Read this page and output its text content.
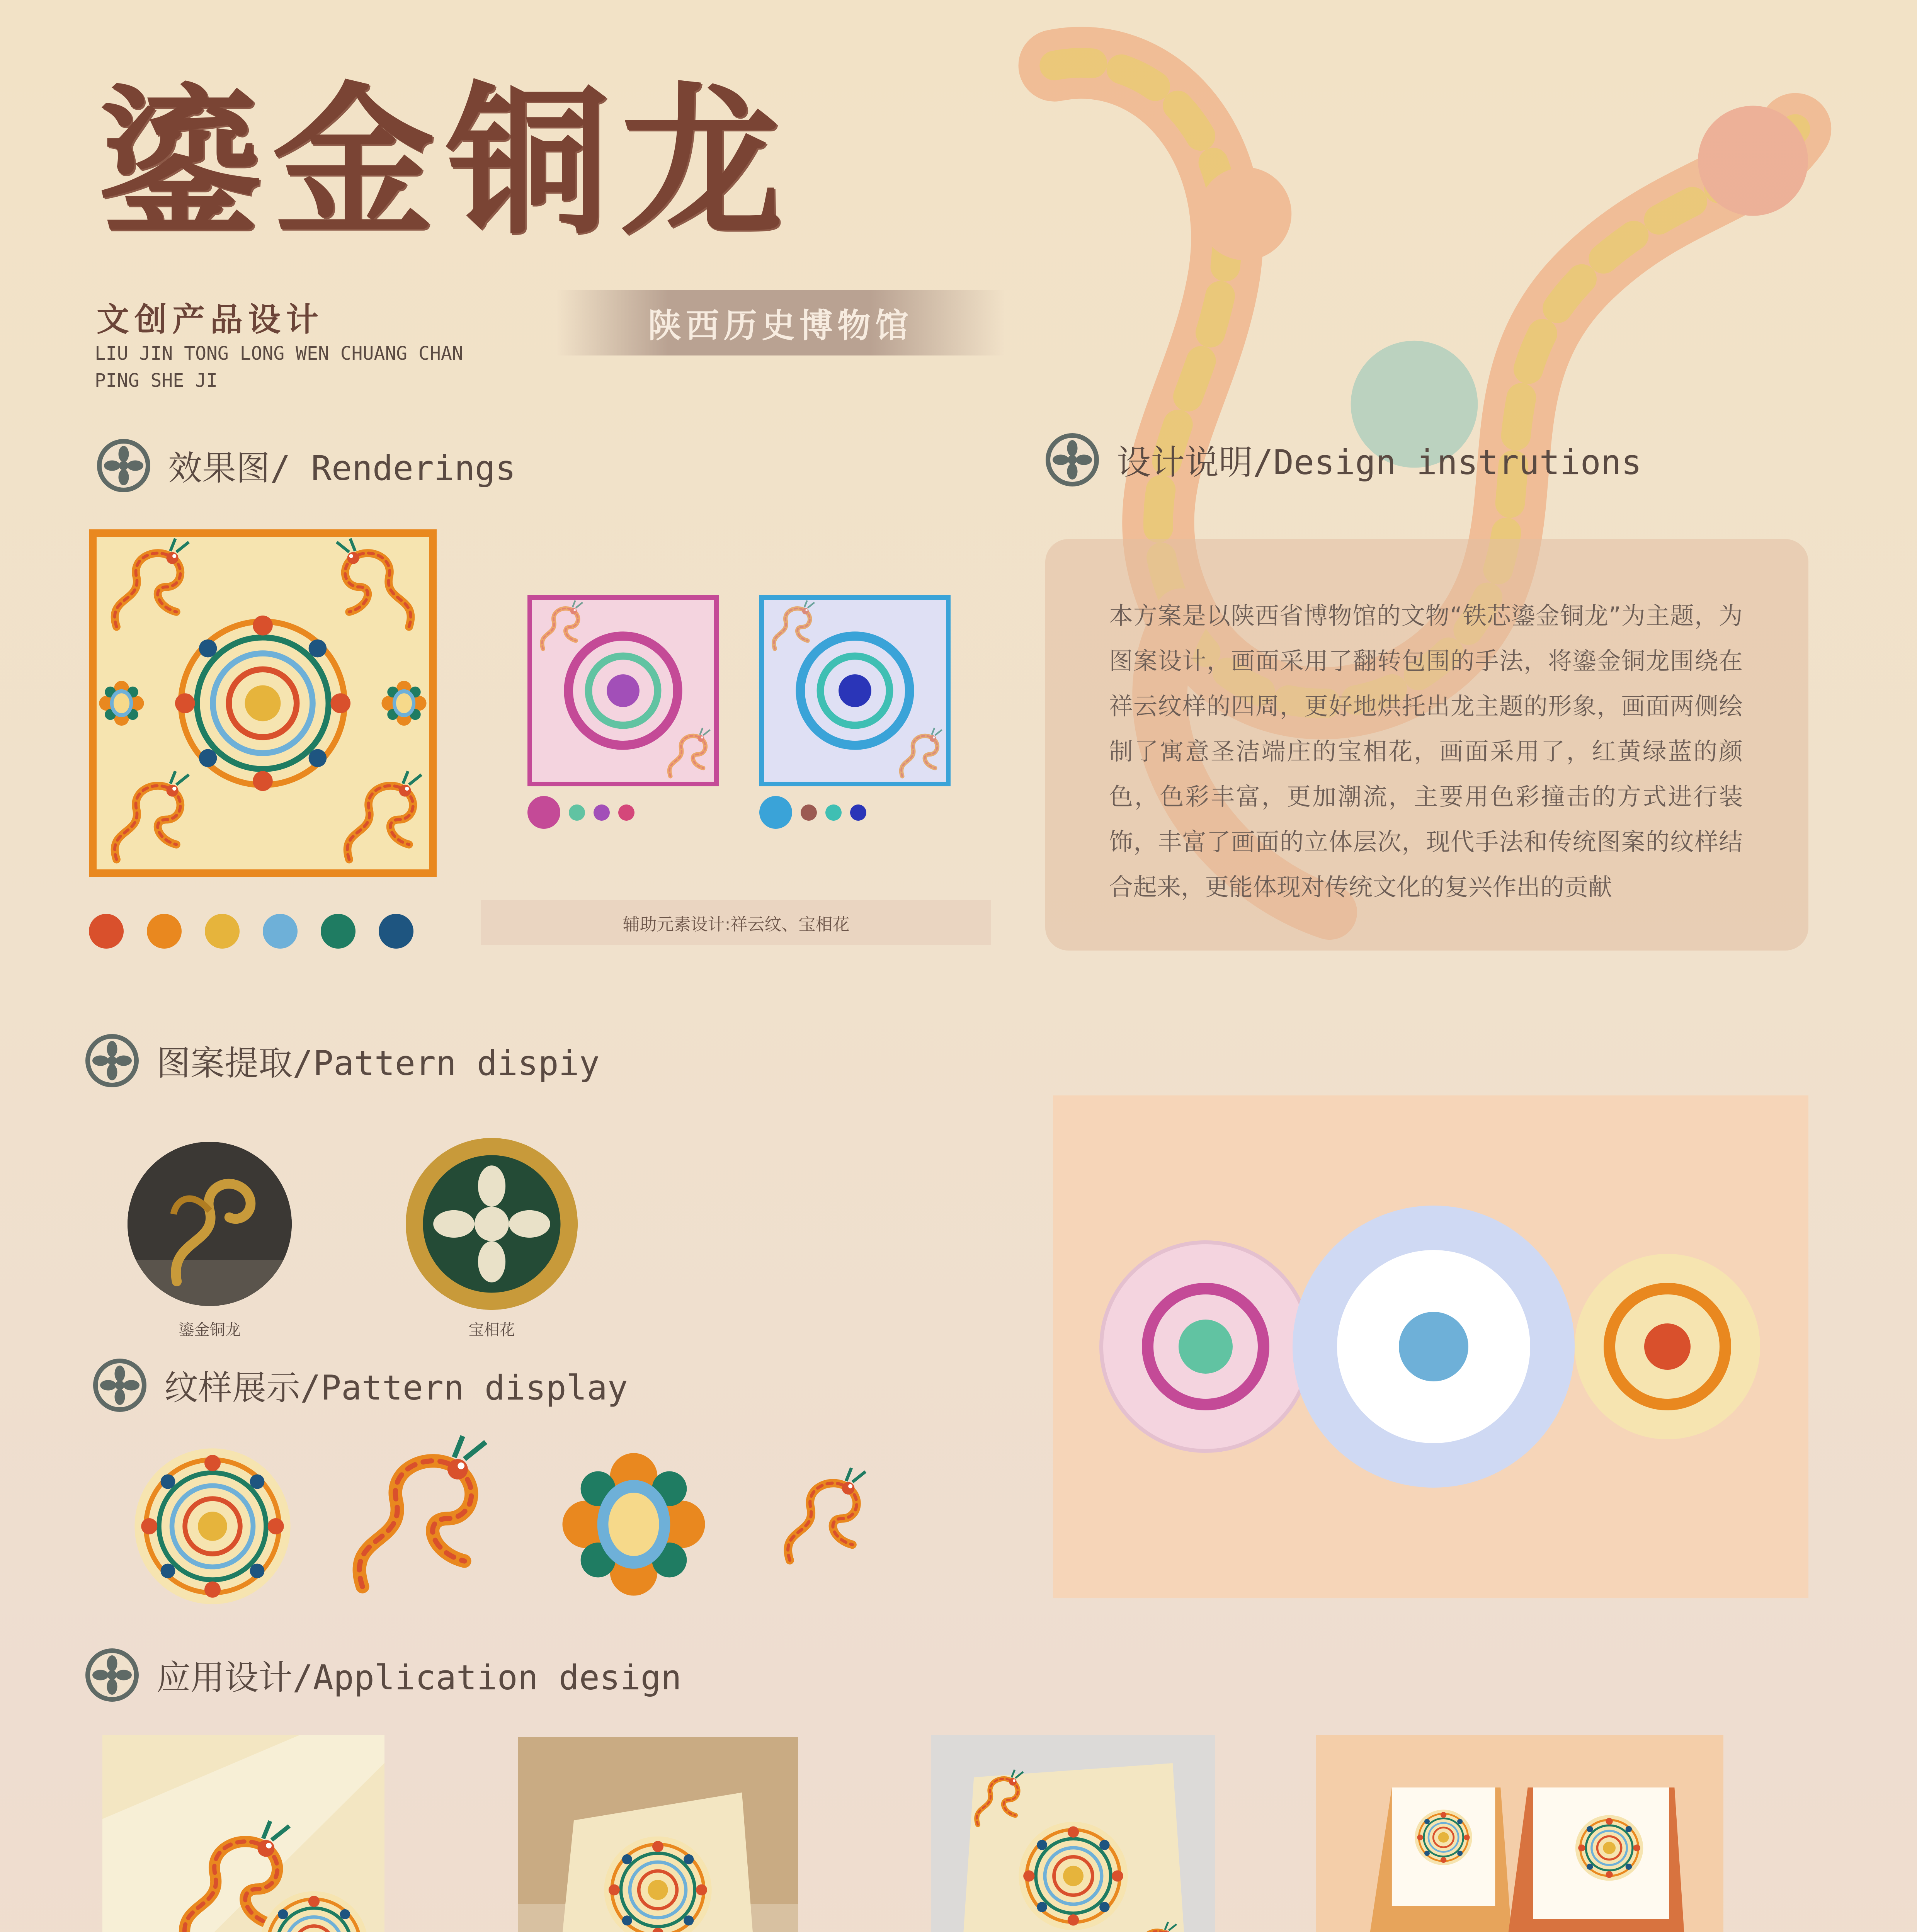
鎏金铜龙
文创产品设计
LIU JIN TONG LONG WEN CHUANG CHAN PING SHE JI
陕西历史博物馆
效果图/ Renderings
辅助元素设计:祥云纹、宝相花
设计说明/Design instrutions
本方案是以陕西省博物馆的文物“铁芯鎏金铜龙”为主题，为图案设计，画面采用了翻转包围的手法，将鎏金铜龙围绕在祥云纹样的四周，更好地烘托出龙主题的形象，画面两侧绘制了寓意圣洁端庄的宝相花，画面采用了，红黄绿蓝的颜色，色彩丰富，更加潮流，主要用色彩撞击的方式进行装饰，丰富了画面的立体层次，现代手法和传统图案的纹样结合起来，更能体现对传统文化的复兴作出的贡献
图案提取/Pattern dispiy
鎏金铜龙	宝相花
纹样展示/Pattern display
应用设计/Application design
